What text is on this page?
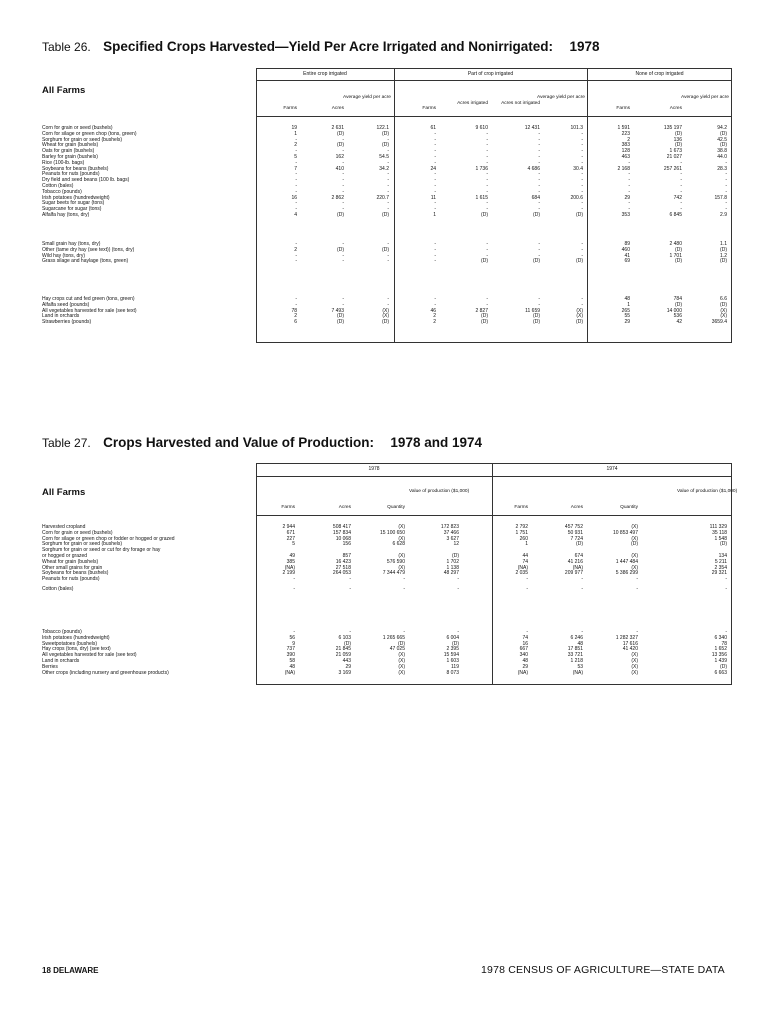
Table 26. Specified Crops Harvested—Yield Per Acre Irrigated and Nonirrigated: 1978
All Farms
Entire crop irrigated	Part of crop irrigated	None of crop irrigated
Farms	Acres
Average yield per acre
Farms
Acres irrigated	Acres not irrigated
Average yield per acre
Farms	Acres
Average yield per acre
Corn for grain or seed (bushels)	19	2 631	122.1	61	9 610	12 431	101.3	1 591	135 197	94.2
Corn for silage or green chop (tons, green)	1	(D)	(D)	-	-	-	-	223	(D)	(D)
Sorghum for grain or seed (bushels)	-	-	-	-	-	-	-	2	136	42.5
Wheat for grain (bushels)	2	(D)	(D)	-	-	-	-	383	(D)	(D)
Oats for grain (bushels)	-	-	-	-	-	-	-	128	1 673	38.8
Barley for grain (bushels)	5	162	54.5	-	-	-	-	463	21 027	44.0
Rice (100-lb. bags)	-	-	-	-	-	-	-	-	-	-
Soybeans for beans (bushels)	7	410	34.2	24	1 736	4 686	30.4	2 168	257 261	28.3
Peanuts for nuts (pounds)	-	-	-	-	-	-	-	-	-	-
Dry field and seed beans (100 lb. bags)	-	-	-	-	-	-	-	-	-	-
Cotton (bales)	-	-	-	-	-	-	-	-	-	-
Tobacco (pounds)	-	-	-	-	-	-	-	-	-	-
Irish potatoes (hundredweight)	16	2 862	220.7	11	1 615	684	200.6	29	742	157.8
Sugar beets for sugar (tons)	-	-	-	-	-	-	-	-	-	-
Sugarcane for sugar (tons)	-	-	-	-	-	-	-	-	-	-
Alfalfa hay (tons, dry)	4	(D)	(D)	1	(D)	(D)	(D)	353	6 845	2.9
Small grain hay (tons, dry)	-	-	-	-	-	-	-	89	2 480	1.1
Other (tame dry hay (see text)) (tons, dry)	2	(D)	(D)	-	-	-	-	460	(D)	(D)
Wild hay (tons, dry)	-	-	-	-	-	-	-	41	1 701	1.2
Grass silage and haylage (tons, green)	-	-	-	-	(D)	(D)	(D)	69	(D)	(D)
Hay crops cut and fed green (tons, green)	-	-	-	-	-	-	-	48	784	6.6
Alfalfa seed (pounds)	-	-	-	-	-	-	-	1	(D)	(D)
All vegetables harvested for sale (see text)	78	7 493	(X)	46	2 827	11 659	(X)	265	14 000	(X)
Land in orchards	2	(D)	(X)	2	(D)	(D)	(X)	55	536	(X)
Strawberries (pounds)	6	(D)	(D)	2	(D)	(D)	(D)	29	42	3659.4
Table 27. Crops Harvested and Value of Production: 1978 and 1974
All Farms
1978	1974
Farms	Acres	Quantity
Value of production ($1,000)
Farms	Acres	Quantity
Value of production ($1,000)
Harvested cropland	2 944	508 417	(X)	172 823	2 792	457 752	(X)	111 329
Corn for grain or seed (bushels)	671	157 834	15 100 650	37 466	1 751	50 931	10 853 497	35 118
Corn for silage or green chop or fodder or hogged or grazed	227	10 068	(X)	3 627	260	7 724	(X)	1 548
Sorghum for grain or seed (bushels)	5	156	6 628	12	1	(D)	(D)	(D)
Sorghum for grain or seed or cut for dry forage or hay
or hogged or grazed	49	857	(X)	(D)	44	674	(X)	134
Wheat for grain (bushels)	385	16 423	576 590	1 702	74	41 216	1 447 484	5 211
Other small grains for grain	(NA)	27 518	(X)	1 138	(NA)	(NA)	(X)	2 354
Soybeans for beans (bushels)	2 199	264 053	7 344 479	48 297	2 035	209 977	5 386 299	29 321
Peanuts for nuts (pounds)	-	-	-	-	-	-	-	-
Cotton (bales)	-	-	-	-	-	-	-	-
Tobacco (pounds)	-	-	-	-	-	-	-	-
Irish potatoes (hundredweight)	56	6 103	1 265 665	6 004	74	6 246	1 282 327	6 340
Sweetpotatoes (bushels)	9	(D)	(D)	(D)	16	48	17 616	78
Hay crops (tons, dry) (see text)	737	21 845	47 025	2 395	667	17 851	41 420	1 652
All vegetables harvested for sale (see text)	390	21 059	(X)	15 594	340	33 721	(X)	13 356
Land in orchards	58	443	(X)	1 603	48	1 218	(X)	1 439
Berries	48	29	(X)	119	29	53	(X)	(D)
Other crops (including nursery and greenhouse products)	(NA)	3 169	(X)	8 073	(NA)	(NA)	(X)	6 663
18 DELAWARE	1978 CENSUS OF AGRICULTURE—STATE DATA
